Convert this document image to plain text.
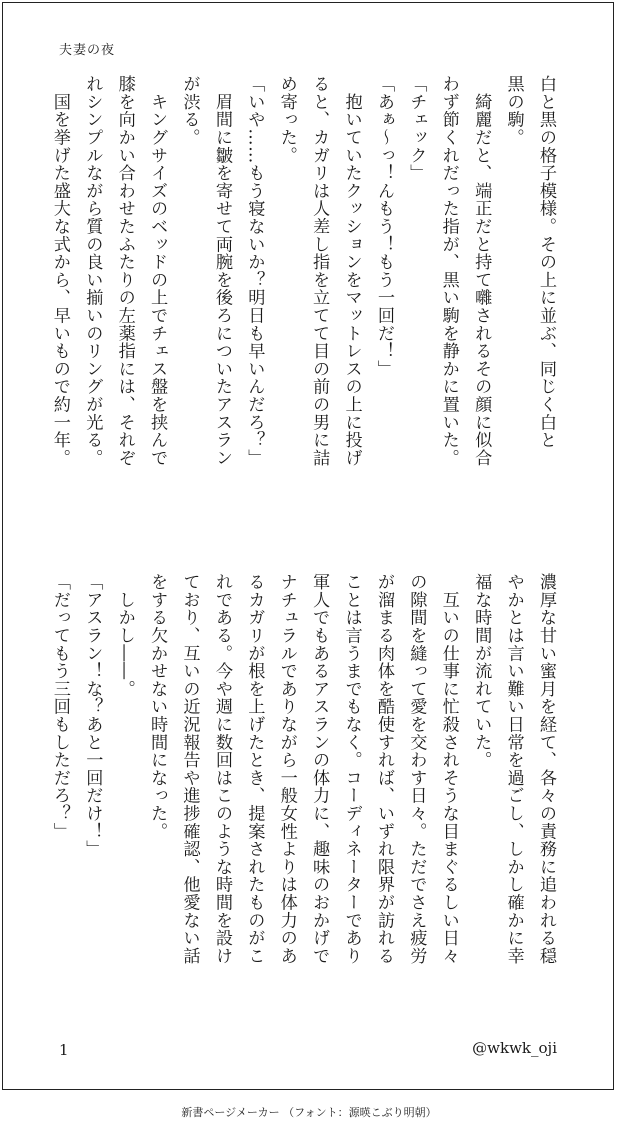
夫妻の夜
白と黒の格子模様。その上に並ぶ、同じく白と
黒の駒。
　綺麗だと、端正だと持て囃されるその顔に似合
わず節くれだった指が、黒い駒を静かに置いた。
「チェック」
「あぁ〜っ！んもう！もう一回だ！」
　抱いていたクッションをマットレスの上に投げ
ると、カガリは人差し指を立てて目の前の男に詰
め寄った。
「いや……もう寝ないか？明日も早いんだろ？」
　眉間に皺を寄せて両腕を後ろについたアスラン
が渋る。
　キングサイズのベッドの上でチェス盤を挟んで
膝を向かい合わせたふたりの左薬指には、それぞ
れシンプルながら質の良い揃いのリングが光る。
　国を挙げた盛大な式から、早いもので約一年。
濃厚な甘い蜜月を経て、各々の責務に追われる穏
やかとは言い難い日常を過ごし、しかし確かに幸
福な時間が流れていた。
　互いの仕事に忙殺されそうな目まぐるしい日々
の隙間を縫って愛を交わす日々。ただでさえ疲労
が溜まる肉体を酷使すれば、いずれ限界が訪れる
ことは言うまでもなく。コーディネーターであり
軍人でもあるアスランの体力に、趣味のおかげで
ナチュラルでありながら一般女性よりは体力のあ
るカガリが根を上げたとき、提案されたものがこ
れである。今や週に数回はこのような時間を設け
ており、互いの近況報告や進捗確認、他愛ない話
をする欠かせない時間になった。
　しかし――。
「アスラン！な？あと一回だけ！」
「だってもう三回もしただろ？」
1	@wkwk_oji
新書ページメーカー （フォント：源暎こぶり明朝）
